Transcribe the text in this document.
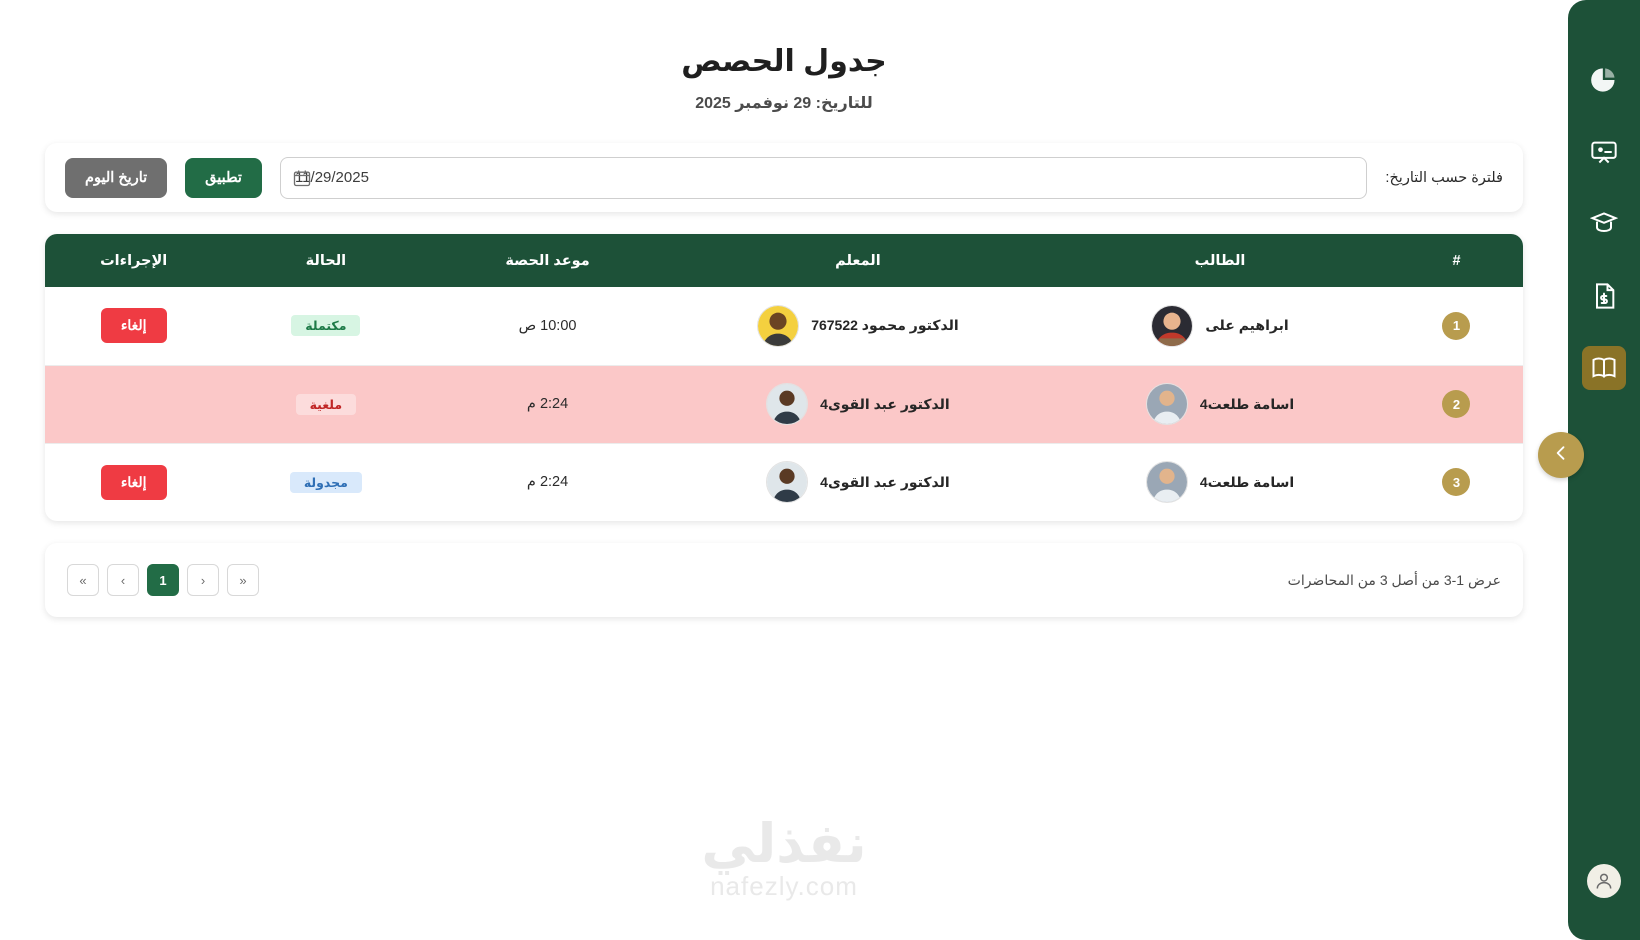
جدول الحصص
للتاريخ: 29 نوفمبر 2025
فلترة حسب التاريخ:
11/29/2025
تطبيق
تاريخ اليوم
#	الطالب	المعلم	موعد الحصة	الحالة	الإجراءات
1	ابراهيم على	الدكتور محمود 767522	10:00 ص	مكتملة	إلغاء
2	اسامة طلعت4	الدكتور عبد القوى4	2:24 م	ملغية	
3	اسامة طلعت4	الدكتور عبد القوى4	2:24 م	مجدولة	إلغاء
عرض 1-3 من أصل 3 من المحاضرات
«	‹	1	›	»
نفذلي
nafezly.com
